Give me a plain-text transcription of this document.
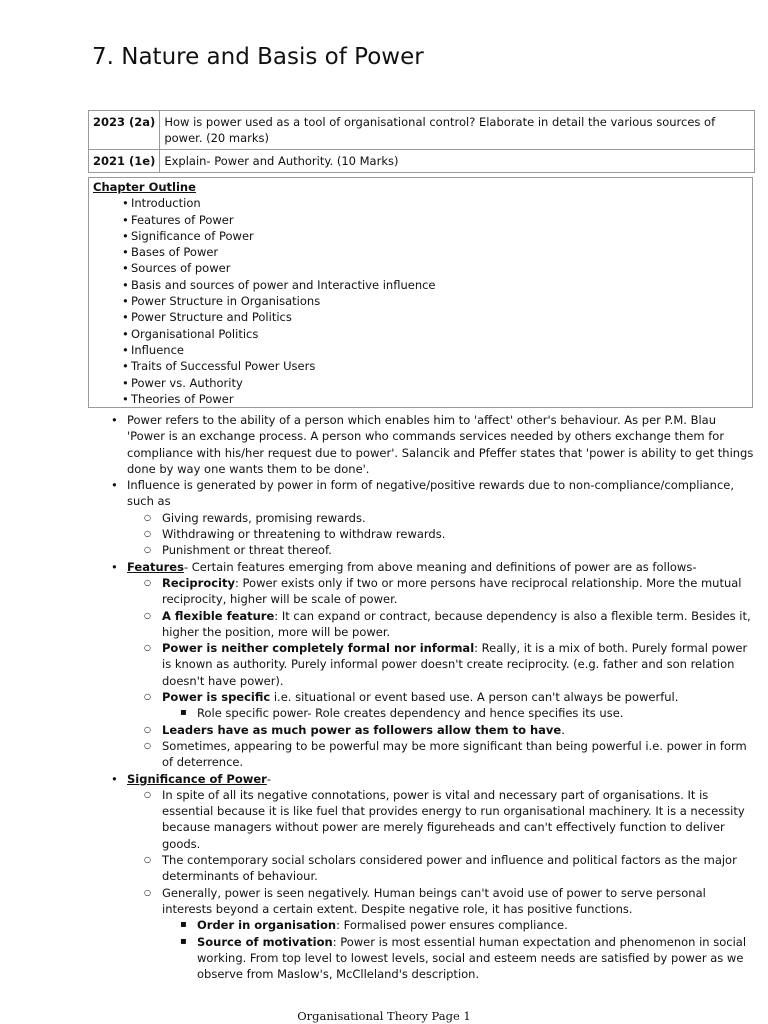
7. Nature and Basis of Power
2023 (2a)	How is power used as a tool of organisational control? Elaborate in detail the various sources of power. (20 marks)
2021 (1e)	Explain- Power and Authority. (10 Marks)
Chapter Outline
• Introduction
• Features of Power
• Significance of Power
• Bases of Power
• Sources of power
• Basis and sources of power and Interactive influence
• Power Structure in Organisations
• Power Structure and Politics
• Organisational Politics
• Influence
• Traits of Successful Power Users
• Power vs. Authority
• Theories of Power
• Power refers to the ability of a person which enables him to 'affect' other's behaviour. As per P.M. Blau 'Power is an exchange process. A person who commands services needed by others exchange them for compliance with his/her request due to power'. Salancik and Pfeffer states that 'power is ability to get things done by way one wants them to be done'.
• Influence is generated by power in form of negative/positive rewards due to non-compliance/compliance, such as
○ Giving rewards, promising rewards.
○ Withdrawing or threatening to withdraw rewards.
○ Punishment or threat thereof.
• Features- Certain features emerging from above meaning and definitions of power are as follows-
○ Reciprocity: Power exists only if two or more persons have reciprocal relationship. More the mutual reciprocity, higher will be scale of power.
○ A flexible feature: It can expand or contract, because dependency is also a flexible term. Besides it, higher the position, more will be power.
○ Power is neither completely formal nor informal: Really, it is a mix of both. Purely formal power is known as authority. Purely informal power doesn't create reciprocity. (e.g. father and son relation doesn't have power).
○ Power is specific i.e. situational or event based use. A person can't always be powerful.
▪ Role specific power- Role creates dependency and hence specifies its use.
○ Leaders have as much power as followers allow them to have.
○ Sometimes, appearing to be powerful may be more significant than being powerful i.e. power in form of deterrence.
• Significance of Power-
○ In spite of all its negative connotations, power is vital and necessary part of organisations. It is essential because it is like fuel that provides energy to run organisational machinery. It is a necessity because managers without power are merely figureheads and can't effectively function to deliver goods.
○ The contemporary social scholars considered power and influence and political factors as the major determinants of behaviour.
○ Generally, power is seen negatively. Human beings can't avoid use of power to serve personal interests beyond a certain extent. Despite negative role, it has positive functions.
▪ Order in organisation: Formalised power ensures compliance.
▪ Source of motivation: Power is most essential human expectation and phenomenon in social working. From top level to lowest levels, social and esteem needs are satisfied by power as we observe from Maslow's, McClleland's description.
Organisational Theory Page 1
